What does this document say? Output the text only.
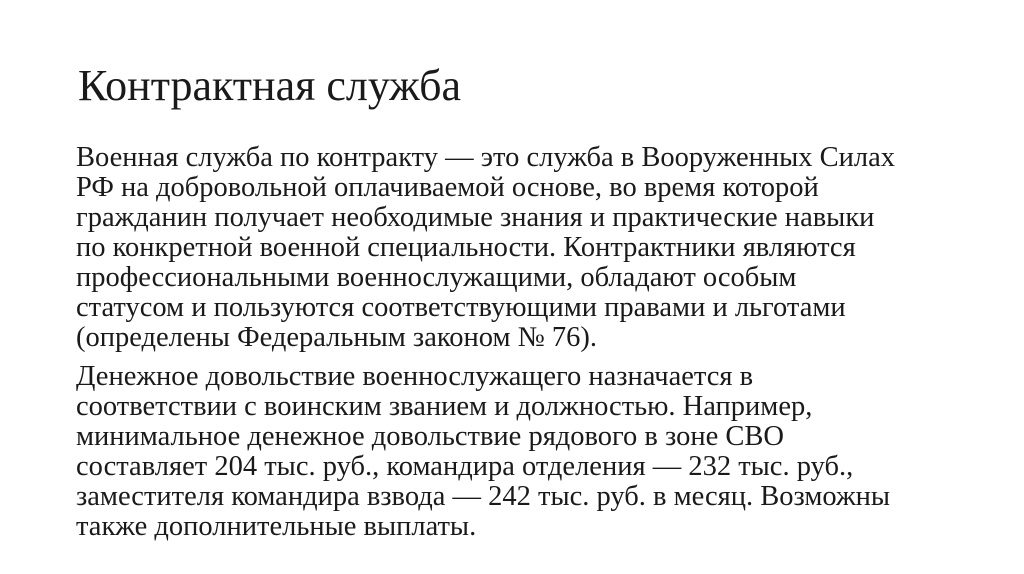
Контрактная служба

Военная служба по контракту — это служба в Вооруженных Силах
РФ на добровольной оплачиваемой основе, во время которой
гражданин получает необходимые знания и практические навыки
по конкретной военной специальности. Контрактники являются
профессиональными военнослужащими, обладают особым
статусом и пользуются соответствующими правами и льготами
(определены Федеральным законом № 76).

Денежное довольствие военнослужащего назначается в
соответствии с воинским званием и должностью. Например,
минимальное денежное довольствие рядового в зоне СВО
составляет 204 тыс. руб., командира отделения — 232 тыс. руб.,
заместителя командира взвода — 242 тыс. руб. в месяц. Возможны
также дополнительные выплаты.
